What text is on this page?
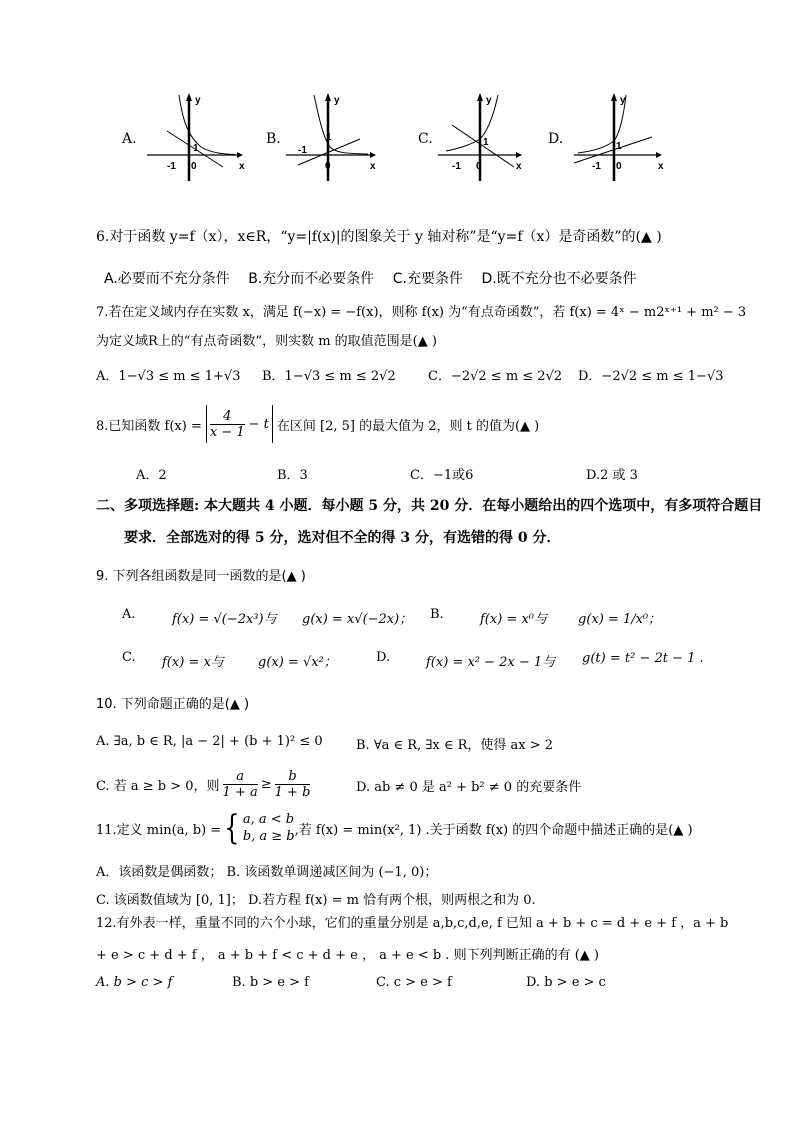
A.
y
x
1
-1 0
B.
y
x
1
-1
0
C.
y
x
1
-1 0
D.
y
x
1
-1 0
6.对于函数 y=f（x），x∈R，“y=|f(x)|的图象关于 y 轴对称”是“y=f（x）是奇函数”的(▲ )
A.必要而不充分条件 B.充分而不必要条件 C.充要条件 D.既不充分也不必要条件
7.若在定义域内存在实数 x，满足 f(−x) = −f(x)，则称 f(x) 为“有点奇函数”，若 f(x) = 4ˣ − m2ˣ⁺¹ + m² − 3
为定义域R上的“有点奇函数”，则实数 m 的取值范围是(▲ )
A．1−√3 ≤ m ≤ 1+√3 B．1−√3 ≤ m ≤ 2√2 C．−2√2 ≤ m ≤ 2√2 D．−2√2 ≤ m ≤ 1−√3
8.已知函数 $f(x) = \frac{4}{x - 1} - t$ 在区间 [2, 5] 的最大值为 2，则 t 的值为(▲ )
A．2	B．3	C．−1或6	D.2 或 3
二、多项选择题: 本大题共 4 小题．每小题 5 分，共 20 分．在每小题给出的四个选项中，有多项符合题目
要求．全部选对的得 5 分，选对但不全的得 3 分，有选错的得 0 分．
9. 下列各组函数是同一函数的是(▲ )
A.	f(x) = √(−2x³)与 g(x) = x√(−2x)； B.	f(x) = x⁰与 g(x) = 1/x⁰；
C. f(x) = x与	g(x) = √x²；	D.	f(x) = x² − 2x − 1与 g(t) = t² − 2t − 1 .
10. 下列命题正确的是(▲ )
A. ∃a, b ∈ R, |a − 2| + (b + 1)² ≤ 0	B. ∀a ∈ R, ∃x ∈ R，使得 ax > 2
C. 若 a ≥ b > 0，则 $\frac{a}{1 + a} \ge \frac{b}{1 + b}$	D. ab ≠ 0 是 a² + b² ≠ 0 的充要条件
11.定义 min(a, b) = { a, a < b
b, a ≥ b ,若 f(x) = min(x², 1) .关于函数 f(x) 的四个命题中描述正确的是(▲ )
A．该函数是偶函数； B. 该函数单调递减区间为 (−1, 0)；
C. 该函数值域为 [0, 1]； D.若方程 f(x) = m 恰有两个根，则两根之和为 0.
12.有外表一样，重量不同的六个小球，它们的重量分别是 a,b,c,d,e, f 已知 a + b + c = d + e + f ，a + b
+ e > c + d + f ， a + b + f < c + d + e ， a + e < b . 则下列判断正确的有 (▲ )
A. b > c > f	B. b > e > f	C. c > e > f	D. b > e > c
